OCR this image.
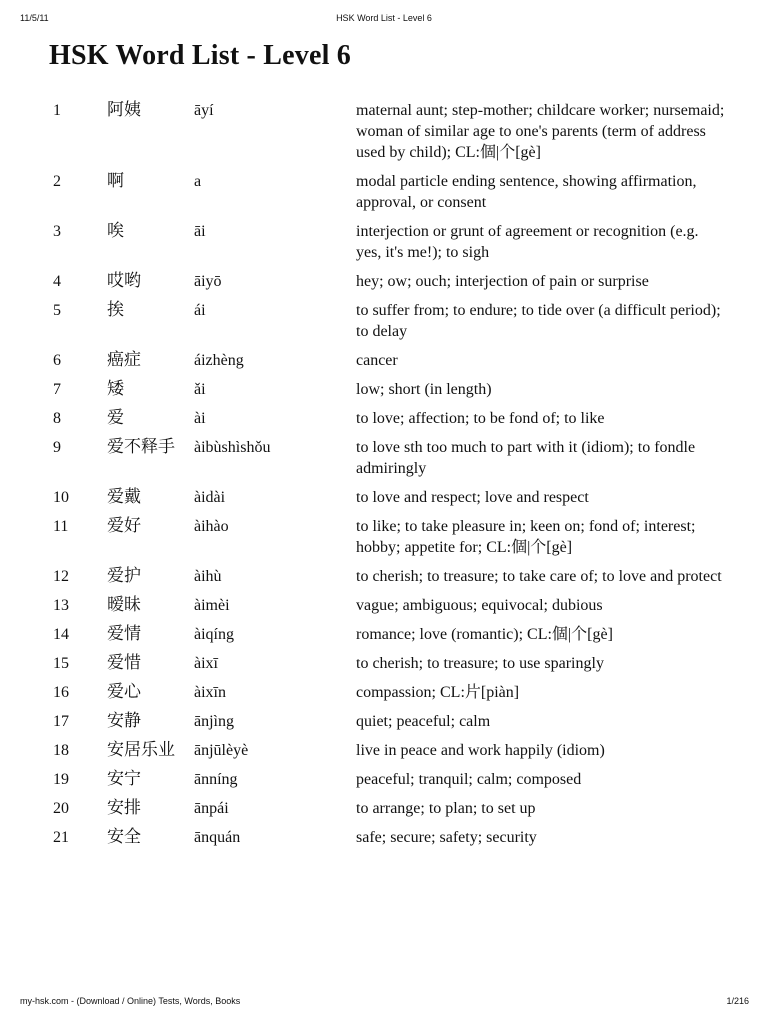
11/5/11	HSK Word List - Level 6
HSK Word List - Level 6
1	阿姨	āyí	maternal aunt; step-mother; childcare worker; nursemaid; woman of similar age to one's parents (term of address used by child); CL:個|个[gè]
2	啊	a	modal particle ending sentence, showing affirmation, approval, or consent
3	唉	āi	interjection or grunt of agreement or recognition (e.g. yes, it's me!); to sigh
4	哎哟	āiyō	hey; ow; ouch; interjection of pain or surprise
5	挨	ái	to suffer from; to endure; to tide over (a difficult period); to delay
6	癌症	áizhèng	cancer
7	矮	ǎi	low; short (in length)
8	爱	ài	to love; affection; to be fond of; to like
9	爱不释手	àibùshìshǒu	to love sth too much to part with it (idiom); to fondle admiringly
10	爱戴	àidài	to love and respect; love and respect
11	爱好	àihào	to like; to take pleasure in; keen on; fond of; interest; hobby; appetite for; CL:個|个[gè]
12	爱护	àihù	to cherish; to treasure; to take care of; to love and protect
13	暧昧	àimèi	vague; ambiguous; equivocal; dubious
14	爱情	àiqíng	romance; love (romantic); CL:個|个[gè]
15	爱惜	àixī	to cherish; to treasure; to use sparingly
16	爱心	àixīn	compassion; CL:片[piàn]
17	安静	ānjìng	quiet; peaceful; calm
18	安居乐业	ānjūlèyè	live in peace and work happily (idiom)
19	安宁	ānníng	peaceful; tranquil; calm; composed
20	安排	ānpái	to arrange; to plan; to set up
21	安全	ānquán	safe; secure; safety; security
my-hsk.com - (Download / Online) Tests, Words, Books	1/216
